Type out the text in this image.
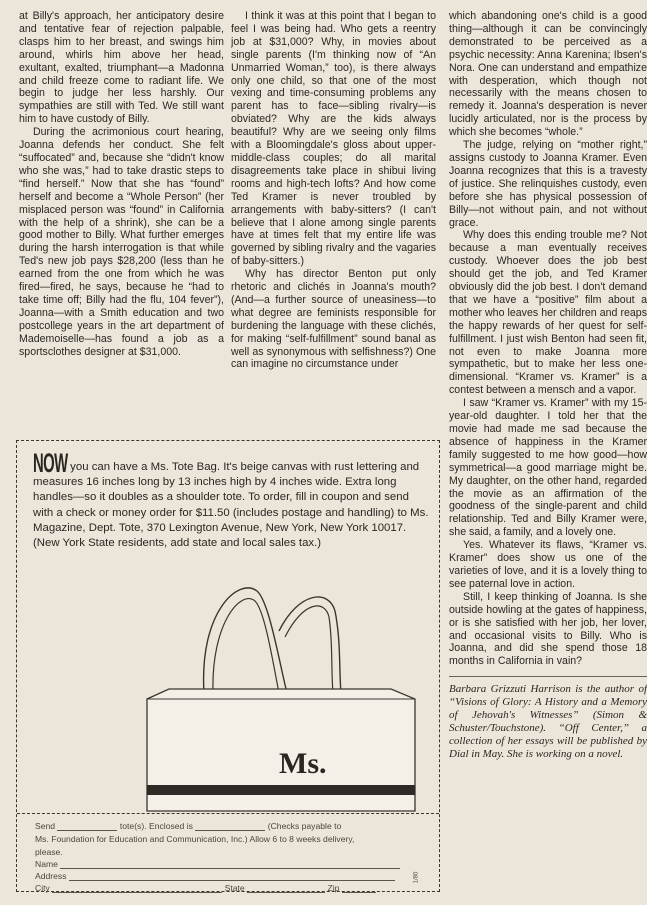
at Billy's approach, her anticipatory desire and tentative fear of rejection palpable, clasps him to her breast, and swings him around, whirls him above her head, exultant, exalted, triumphant—a Madonna and child freeze come to radiant life. We begin to judge her less harshly. Our sympathies are still with Ted. We still want him to have custody of Billy.

During the acrimonious court hearing, Joanna defends her conduct. She felt “suffocated” and, because she “didn't know who she was,” had to take drastic steps to “find herself.” Now that she has “found” herself and become a “Whole Person” (her misplaced person was “found” in California with the help of a shrink), she can be a good mother to Billy. What further emerges during the harsh interrogation is that while Ted's new job pays $28,200 (less than he earned from the one from which he was fired—fired, he says, because he “had to take time off; Billy had the flu, 104 fever”), Joanna—with a Smith education and two postcollege years in the art department of Mademoiselle—has found a job as a sportsclothes designer at $31,000.

I think it was at this point that I began to feel I was being had. Who gets a reentry job at $31,000? Why, in movies about single parents (I'm thinking now of “An Unmarried Woman,” too), is there always only one child, so that one of the most vexing and time-consuming problems any parent has to face—sibling rivalry—is obviated? Why are the kids always beautiful? Why are we seeing only films with a Bloomingdale's gloss about upper-middle-class couples; do all marital disagreements take place in shibui living rooms and high-tech lofts? And how come Ted Kramer is never troubled by arrangements with baby-sitters? (I can't believe that I alone among single parents have at times felt that my entire life was governed by sibling rivalry and the vagaries of baby-sitters.)

Why has director Benton put only rhetoric and clichés in Joanna's mouth? (And—a further source of uneasiness—to what degree are feminists responsible for burdening the language with these clichés, for making “self-fulfillment” sound banal as well as synonymous with selfishness?) One can imagine no circumstance under

which abandoning one's child is a good thing—although it can be convincingly demonstrated to be perceived as a psychic necessity: Anna Karenina; Ibsen's Nora. One can understand and empathize with desperation, which though not necessarily with the means chosen to remedy it. Joanna's desperation is never lucidly articulated, nor is the process by which she becomes “whole.”

The judge, relying on “mother right,” assigns custody to Joanna Kramer. Even Joanna recognizes that this is a travesty of justice. She relinquishes custody, even before she has physical possession of Billy—not without pain, and not without grace.

Why does this ending trouble me? Not because a man eventually receives custody. Whoever does the job best should get the job, and Ted Kramer obviously did the job best. I don't demand that we have a “positive” film about a mother who leaves her children and reaps the happy rewards of her quest for self-fulfillment. I just wish Benton had seen fit, not even to make Joanna more sympathetic, but to make her less one-dimensional. “Kramer vs. Kramer” is a contest between a mensch and a vapor.

I saw “Kramer vs. Kramer” with my 15-year-old daughter. I told her that the movie had made me sad because the absence of happiness in the Kramer family suggested to me how good—how symmetrical—a good marriage might be. My daughter, on the other hand, regarded the movie as an affirmation of the goodness of the single-parent and child relationship. Ted and Billy Kramer were, she said, a family, and a lovely one.

Yes. Whatever its flaws, “Kramer vs. Kramer” does show us one of the varieties of love, and it is a lovely thing to see paternal love in action.

Still, I keep thinking of Joanna. Is she outside howling at the gates of happiness, or is she satisfied with her job, her lover, and occasional visits to Billy. Who is Joanna, and did she spend those 18 months in California in vain?

Barbara Grizzuti Harrison is the author of “Visions of Glory: A History and a Memory of Jehovah's Witnesses” (Simon & Schuster/Touchstone). “Off Center,” a collection of her essays will be published by Dial in May. She is working on a novel.

NOW you can have a Ms. Tote Bag. It's beige canvas with rust lettering and measures 16 inches long by 13 inches high by 4 inches wide. Extra long handles—so it doubles as a shoulder tote. To order, fill in coupon and send with a check or money order for $11.50 (includes postage and handling) to Ms. Magazine, Dept. Tote, 370 Lexington Avenue, New York, New York 10017. (New York State residents, add state and local sales tax.)
Ms.
Send	tote(s). Enclosed is	(Checks payable to
Ms. Foundation for Education and Communication, Inc.) Allow 6 to 8 weeks delivery,
please.
Name
Address
City	State	Zip
1/80
